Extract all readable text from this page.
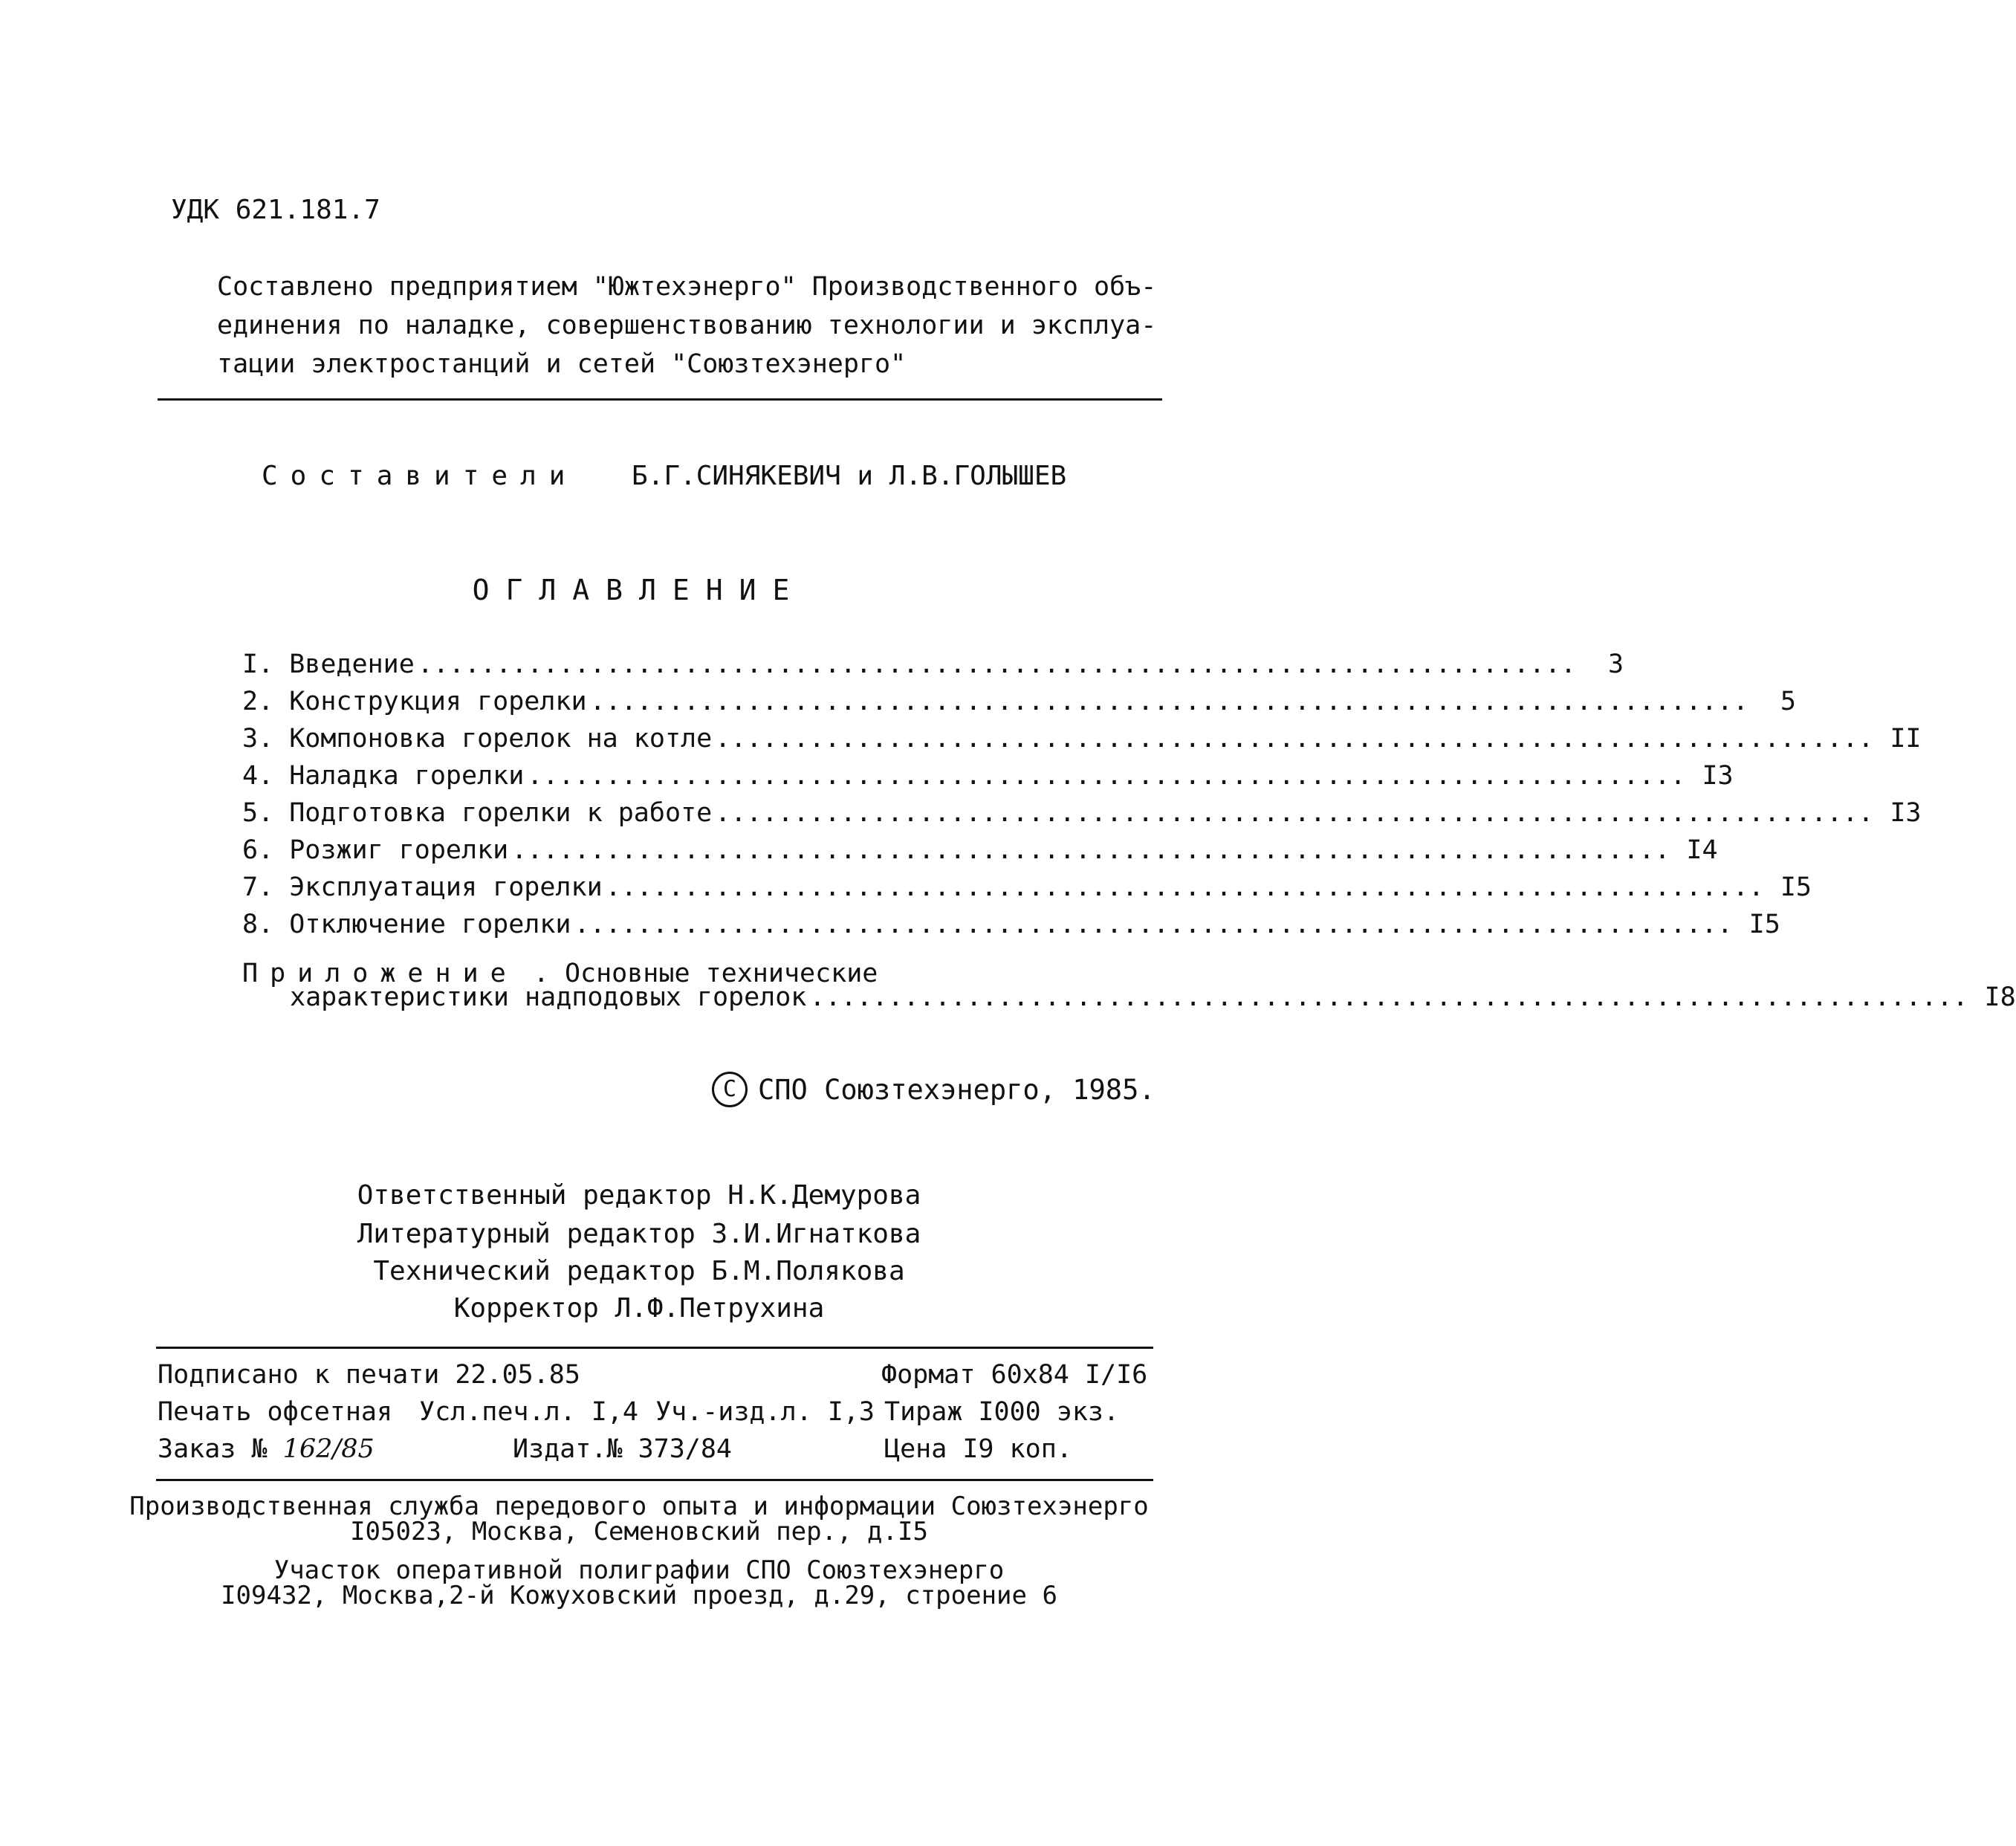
УДК 621.181.7
Составлено предприятием "Южтехэнерго" Производственного объ-
единения по наладке, совершенствованию технологии и эксплуа-
тации электростанций и сетей "Союзтехэнерго"
Составители Б.Г.СИНЯКЕВИЧ и Л.В.ГОЛЫШЕВ
ОГЛАВЛЕНИЕ
I. Введение ..........................................................................	3
2. Конструкция горелки ..........................................................................	5
3. Компоновка горелок на котле .......................................................................... II
4. Наладка горелки .......................................................................... I3
5. Подготовка горелки к работе .......................................................................... I3
6. Розжиг горелки .......................................................................... I4
7. Эксплуатация горелки .......................................................................... I5
8. Отключение горелки .......................................................................... I5
Приложение . Основные технические
характеристики надподовых горелок .......................................................................... I8
C СПО Союзтехэнерго, 1985.
Ответственный редактор Н.К.Демурова
Литературный редактор З.И.Игнаткова
Технический редактор Б.М.Полякова
Корректор Л.Ф.Петрухина
Подписано к печати 22.05.85	Формат 60х84 I/I6
Печать офсетная Усл.печ.л. I,4 Уч.-изд.л. I,3 Тираж I000 экз.
Заказ № 162/85	Издат.№ 373/84	Цена I9 коп.
Производственная служба передового опыта и информации Союзтехэнерго
I05023, Москва, Семеновский пер., д.I5
Участок оперативной полиграфии СПО Союзтехэнерго
I09432, Москва,2-й Кожуховский проезд, д.29, строение 6
